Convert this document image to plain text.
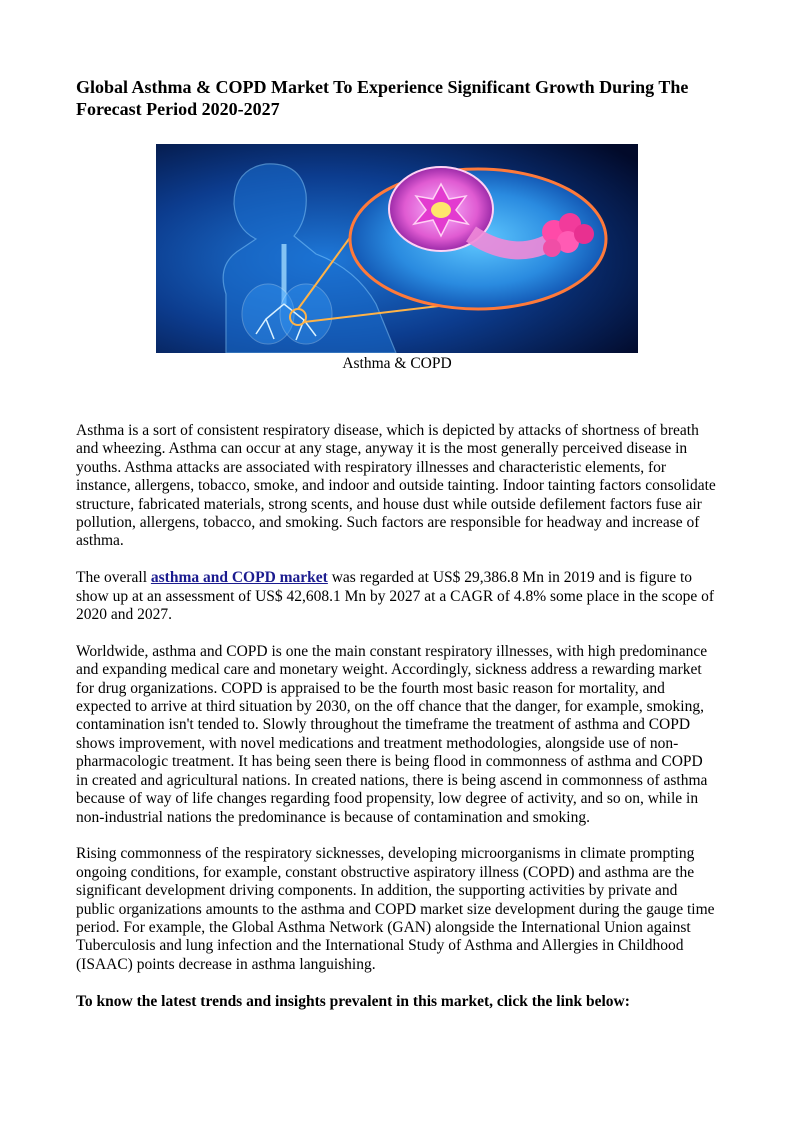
Global Asthma & COPD Market To Experience Significant Growth During The Forecast Period 2020-2027
Asthma & COPD

Asthma is a sort of consistent respiratory disease, which is depicted by attacks of shortness of breath and wheezing. Asthma can occur at any stage, anyway it is the most generally perceived disease in youths. Asthma attacks are associated with respiratory illnesses and characteristic elements, for instance, allergens, tobacco, smoke, and indoor and outside tainting. Indoor tainting factors consolidate structure, fabricated materials, strong scents, and house dust while outside defilement factors fuse air pollution, allergens, tobacco, and smoking. Such factors are responsible for headway and increase of asthma.

The overall asthma and COPD market was regarded at US$ 29,386.8 Mn in 2019 and is figure to show up at an assessment of US$ 42,608.1 Mn by 2027 at a CAGR of 4.8% some place in the scope of 2020 and 2027.

Worldwide, asthma and COPD is one the main constant respiratory illnesses, with high predominance and expanding medical care and monetary weight. Accordingly, sickness address a rewarding market for drug organizations. COPD is appraised to be the fourth most basic reason for mortality, and expected to arrive at third situation by 2030, on the off chance that the danger, for example, smoking, contamination isn't tended to. Slowly throughout the timeframe the treatment of asthma and COPD shows improvement, with novel medications and treatment methodologies, alongside use of non-pharmacologic treatment. It has being seen there is being flood in commonness of asthma and COPD in created and agricultural nations. In created nations, there is being ascend in commonness of asthma because of way of life changes regarding food propensity, low degree of activity, and so on, while in non-industrial nations the predominance is because of contamination and smoking.

Rising commonness of the respiratory sicknesses, developing microorganisms in climate prompting ongoing conditions, for example, constant obstructive aspiratory illness (COPD) and asthma are the significant development driving components. In addition, the supporting activities by private and public organizations amounts to the asthma and COPD market size development during the gauge time period. For example, the Global Asthma Network (GAN) alongside the International Union against Tuberculosis and lung infection and the International Study of Asthma and Allergies in Childhood (ISAAC) points decrease in asthma languishing.

To know the latest trends and insights prevalent in this market, click the link below:
